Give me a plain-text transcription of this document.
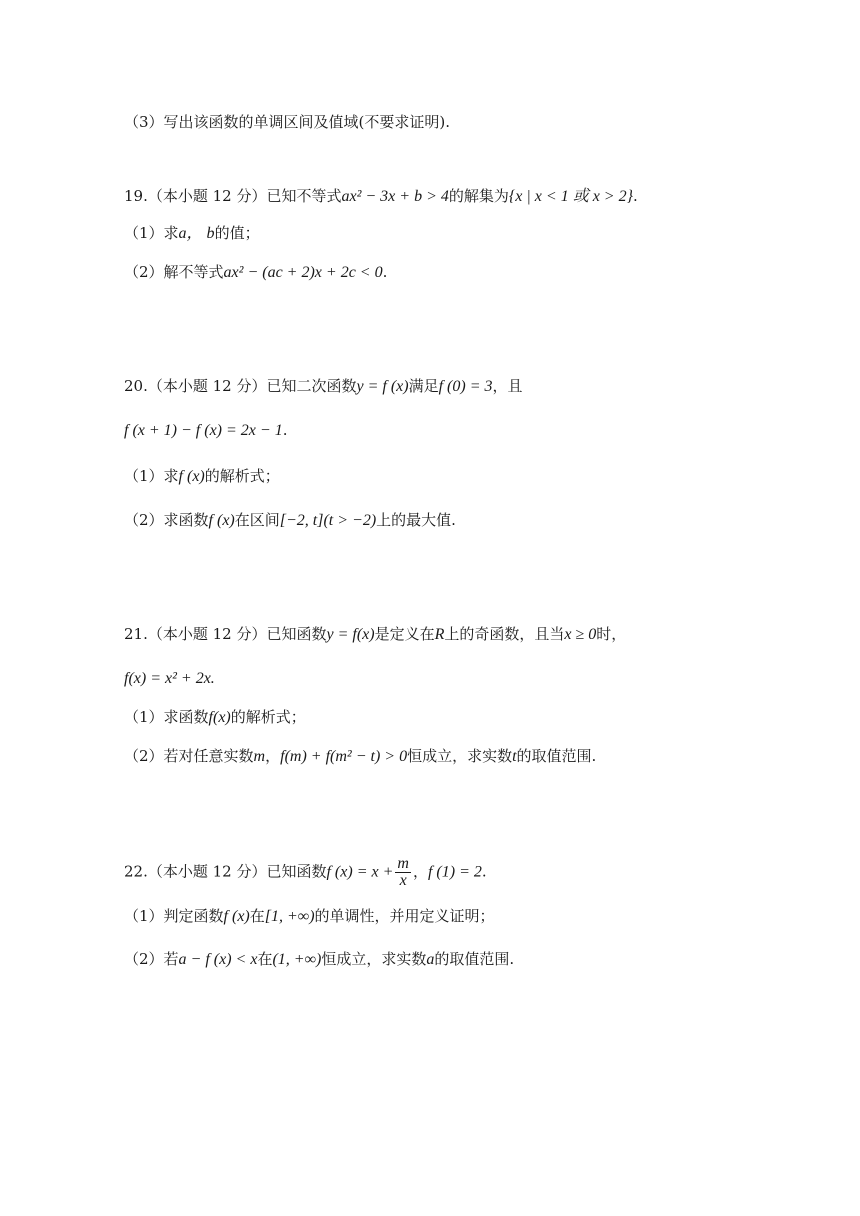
（3）写出该函数的单调区间及值域(不要求证明).
19.（本小题 12 分）已知不等式ax² − 3x + b > 4的解集为{x | x < 1 或 x > 2}.
（1）求a， b的值；
（2）解不等式ax² − (ac + 2)x + 2c < 0.
20.（本小题 12 分）已知二次函数y = f (x)满足f (0) = 3，且
f (x + 1) − f (x) = 2x − 1.
（1）求f (x)的解析式；
（2）求函数f (x)在区间[−2, t](t > −2)上的最大值.
21.（本小题 12 分）已知函数y = f(x)是定义在R上的奇函数，且当x ≥ 0时，
f(x) = x² + 2x.
（1）求函数f(x)的解析式；
（2）若对任意实数m，f(m) + f(m² − t) > 0恒成立，求实数t的取值范围.
22.（本小题 12 分）已知函数f $(x) = x + \frac{m}{x}$ ，f (1) = 2.
（1）判定函数f (x)在[1, +∞)的单调性，并用定义证明；
（2）若a − f (x) < x在(1, +∞)恒成立，求实数a的取值范围.
